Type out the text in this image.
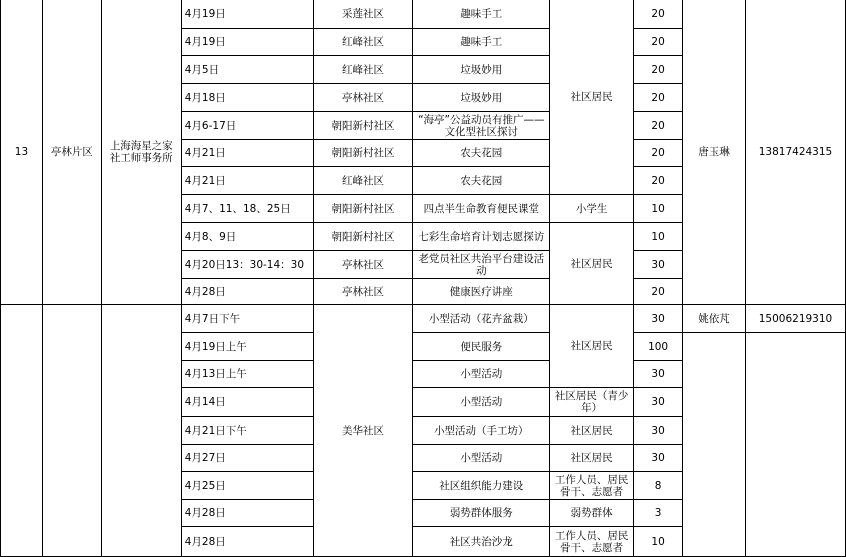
13	亭林片区	上海海星之家社工师事务所	4月19日	采莲社区	趣味手工	社区居民	20	唐玉琳	13817424315
			4月19日	红峰社区	趣味手工		20		
			4月5日	红峰社区	垃圾妙用		20		
			4月18日	亭林社区	垃圾妙用		20		
			4月6-17日	朝阳新村社区	“海亭”公益动员有推广——文化型社区探讨		20		
			4月21日	朝阳新村社区	农夫花园		20		
			4月21日	红峰社区	农夫花园		20		
			4月7、11、18、25日	朝阳新村社区	四点半生命教育便民课堂	小学生	10		
			4月8、9日	朝阳新村社区	七彩生命培育计划志愿探访	社区居民	10		
			4月20日13：30-14：30	亭林社区	老党员社区共治平台建设活动		30		
			4月28日	亭林社区	健康医疗讲座		20		
			4月7日下午	美华社区	小型活动（花卉盆栽）	社区居民	30	姚依芃	15006219310
			4月19日上午		便民服务		100		
			4月13日上午		小型活动		30		
			4月14日		小型活动	社区居民（青少年）	30		
			4月21日下午		小型活动（手工坊）	社区居民	30		
			4月27日		小型活动	社区居民	30		
			4月25日		社区组织能力建设	工作人员、居民骨干、志愿者	8		
			4月28日		弱势群体服务	弱势群体	3		
			4月28日		社区共治沙龙	工作人员、居民骨干、志愿者	10		
